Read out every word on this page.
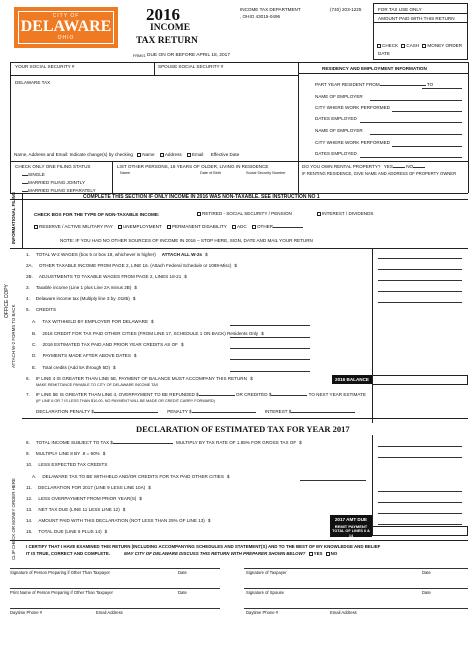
CITY OF
DELAWARE
OHIO
2016
INCOME
TAX RETURN
FRM01 DUE ON OR BEFORE APRIL 18, 2017
INCOME TAX DEPARTMENT
, OHIO 43015-0496
(740) 203-1225	FOR TAX USE ONLY
AMOUNT PAID WITH THIS RETURN
CHECK CASH MONEY ORDER
DATE
YOUR SOCIAL SECURITY #	SPOUSE SOCIAL SECURITY #
DELAWARE TAX
Name, Address and Email: Indicate change(s) by checking Name Address Email Effective Date
RESIDENCY AND EMPLOYMENT INFORMATION
PART YEAR RESIDENT FROM	TO
NAME OF EMPLOYER
CITY WHERE WORK PERFORMED
DATES EMPLOYED
NAME OF EMPLOYER
CITY WHERE WORK PERFORMED
DATES EMPLOYED
CHECK ONLY ONE FILING STATUS
SINGLE
MARRIED FILING JOINTLY
MARRIED FILING SEPARATELY
LIST OTHER PERSONS, 18 YEARS OF OLDER, LIVING IN RESIDENCE
Name	Date of Birth	Social Security Number
DO YOU OWN RENTAL PROPERTY? YES	NO
IF RENTING RESIDENCE, GIVE NAME AND ADDRESS OF PROPERTY OWNER
INFORMATIONAL FILING	COMPLETE THIS SECTION IF ONLY INCOME IN 2016 WAS NON-TAXABLE. SEE INSTRUCTION NO 1
CHECK BOX FOR THE TYPE OF NON-TAXABLE INCOME:	RETIRED - SOCIAL SECURITY / PENSION	INTEREST / DIVIDENDS
RESERVE / ACTIVE MILITARY PAY UNEMPLOYMENT PERMANENT DISABILITY ADC OTHER
NOTE: IF YOU HAD NO OTHER SOURCES OF INCOME IN 2016 – STOP HERE, SIGN, DATE AND MAIL YOUR RETURN
OFFICE COPY
ATTACH W-2 FORMS TO BACK
CLIP CHECK OR MONEY ORDER HERE
1. TOTAL W-2 WAGES (box 5 or box 18, whichever is higher) ATTACH ALL W-2s $
2A. OTHER TAXABLE INCOME FROM PAGE 2, LINE 16. (Attach Federal Schedule or 1099-Misc) $
2B. ADJUSTMENTS TO TAXABLE WAGES FROM PAGE 2, LINES 18-21 $
3. Taxable income (Line 1 plus Line 2A minus 2B) $
4. Delaware income tax (Multiply line 3 by .0185) $
5. CREDITS
A. TAX WITHHELD BY EMPLOYER FOR DELAWARE $
B. 2016 CREDIT FOR TAX PAID OTHER CITIES (FROM LINE 17, SCHEDULE 1 ON BACK) Residents Only $
C. 2016 ESTIMATED TAX PAID AND PRIOR YEAR CREDITS AS OF $
D. PAYMENTS MADE AFTER ABOVE DATES $
E. Total credits (Add 5A through 5D) $
6. IF LINE 4 IS GREATER THAN LINE 5E, PAYMENT OF BALANCE MUST ACCOMPANY THIS RETURN $
MAKE REMITTANCE PAYABLE TO CITY OF DELAWARE INCOME TAX
2016 BALANCE DUE
7. IF LINE 5E IS GREATER THAN LINE 4, OVERPAYMENT TO BE REFUNDED $	OR CREDITED $	TO NEXT YEAR ESTIMATE
(IF LINE 6 OR 7 IS LESS THAN $10.00, NO PAYMENT WILL BE MADE OR CREDIT CARRY FORWARD)
DECLARATION PENALTY $	PENALTY $	INTEREST $
DECLARATION OF ESTIMATED TAX FOR YEAR 2017
8. TOTAL INCOME SUBJECT TO TAX $	MULTIPLY BY TAX RATE OF 1.85% FOR GROSS TAX OF $
9. MULTIPLY LINE 8 BY .9 = 90% $
10. LESS EXPECTED TAX CREDITS
A. DELAWARE TAX TO BE WITHHELD AND/OR CREDITS FOR TAX PAID OTHER CITIES $
11. DECLARATION FOR 2017 (LINE 9 LESS LINE 10A) $
12. LESS OVERPAYMENT FROM PRIOR YEAR(S) $
13. NET TAX DUE (LINE 11 LESS LINE 12) $
14. AMOUNT PAID WITH THIS DECLARATION (NOT LESS THAN 25% OF LINE 13) $
15. TOTAL DUE (LINE 6 PLUS 14) $
2017 AMT DUE
REMIT PAYMENT
TOTAL OF LINES 6 & 14
I CERTIFY THAT I HAVE EXAMINED THIS RETURN (INCLUDING ACCOMPANYING SCHEDULES AND STATEMENT(S) AND TO THE BEST OF MY KNOWLEDGE AND BELIEF
IT IS TRUE, CORRECT AND COMPLETE.	MAY CITY OF DELAWARE DISCUSS THIS RETURN WITH PREPARER SHOWN BELOW? YES NO
Signature of Person Preparing if Other Than Taxpayer	Date	Signature of Taxpayer	Date
Print Name of Person Preparing if Other Than Taxpayer	Date	Signature of Spouse	Date
Daytime Phone #	Email Address	Daytime Phone #	Email Address
